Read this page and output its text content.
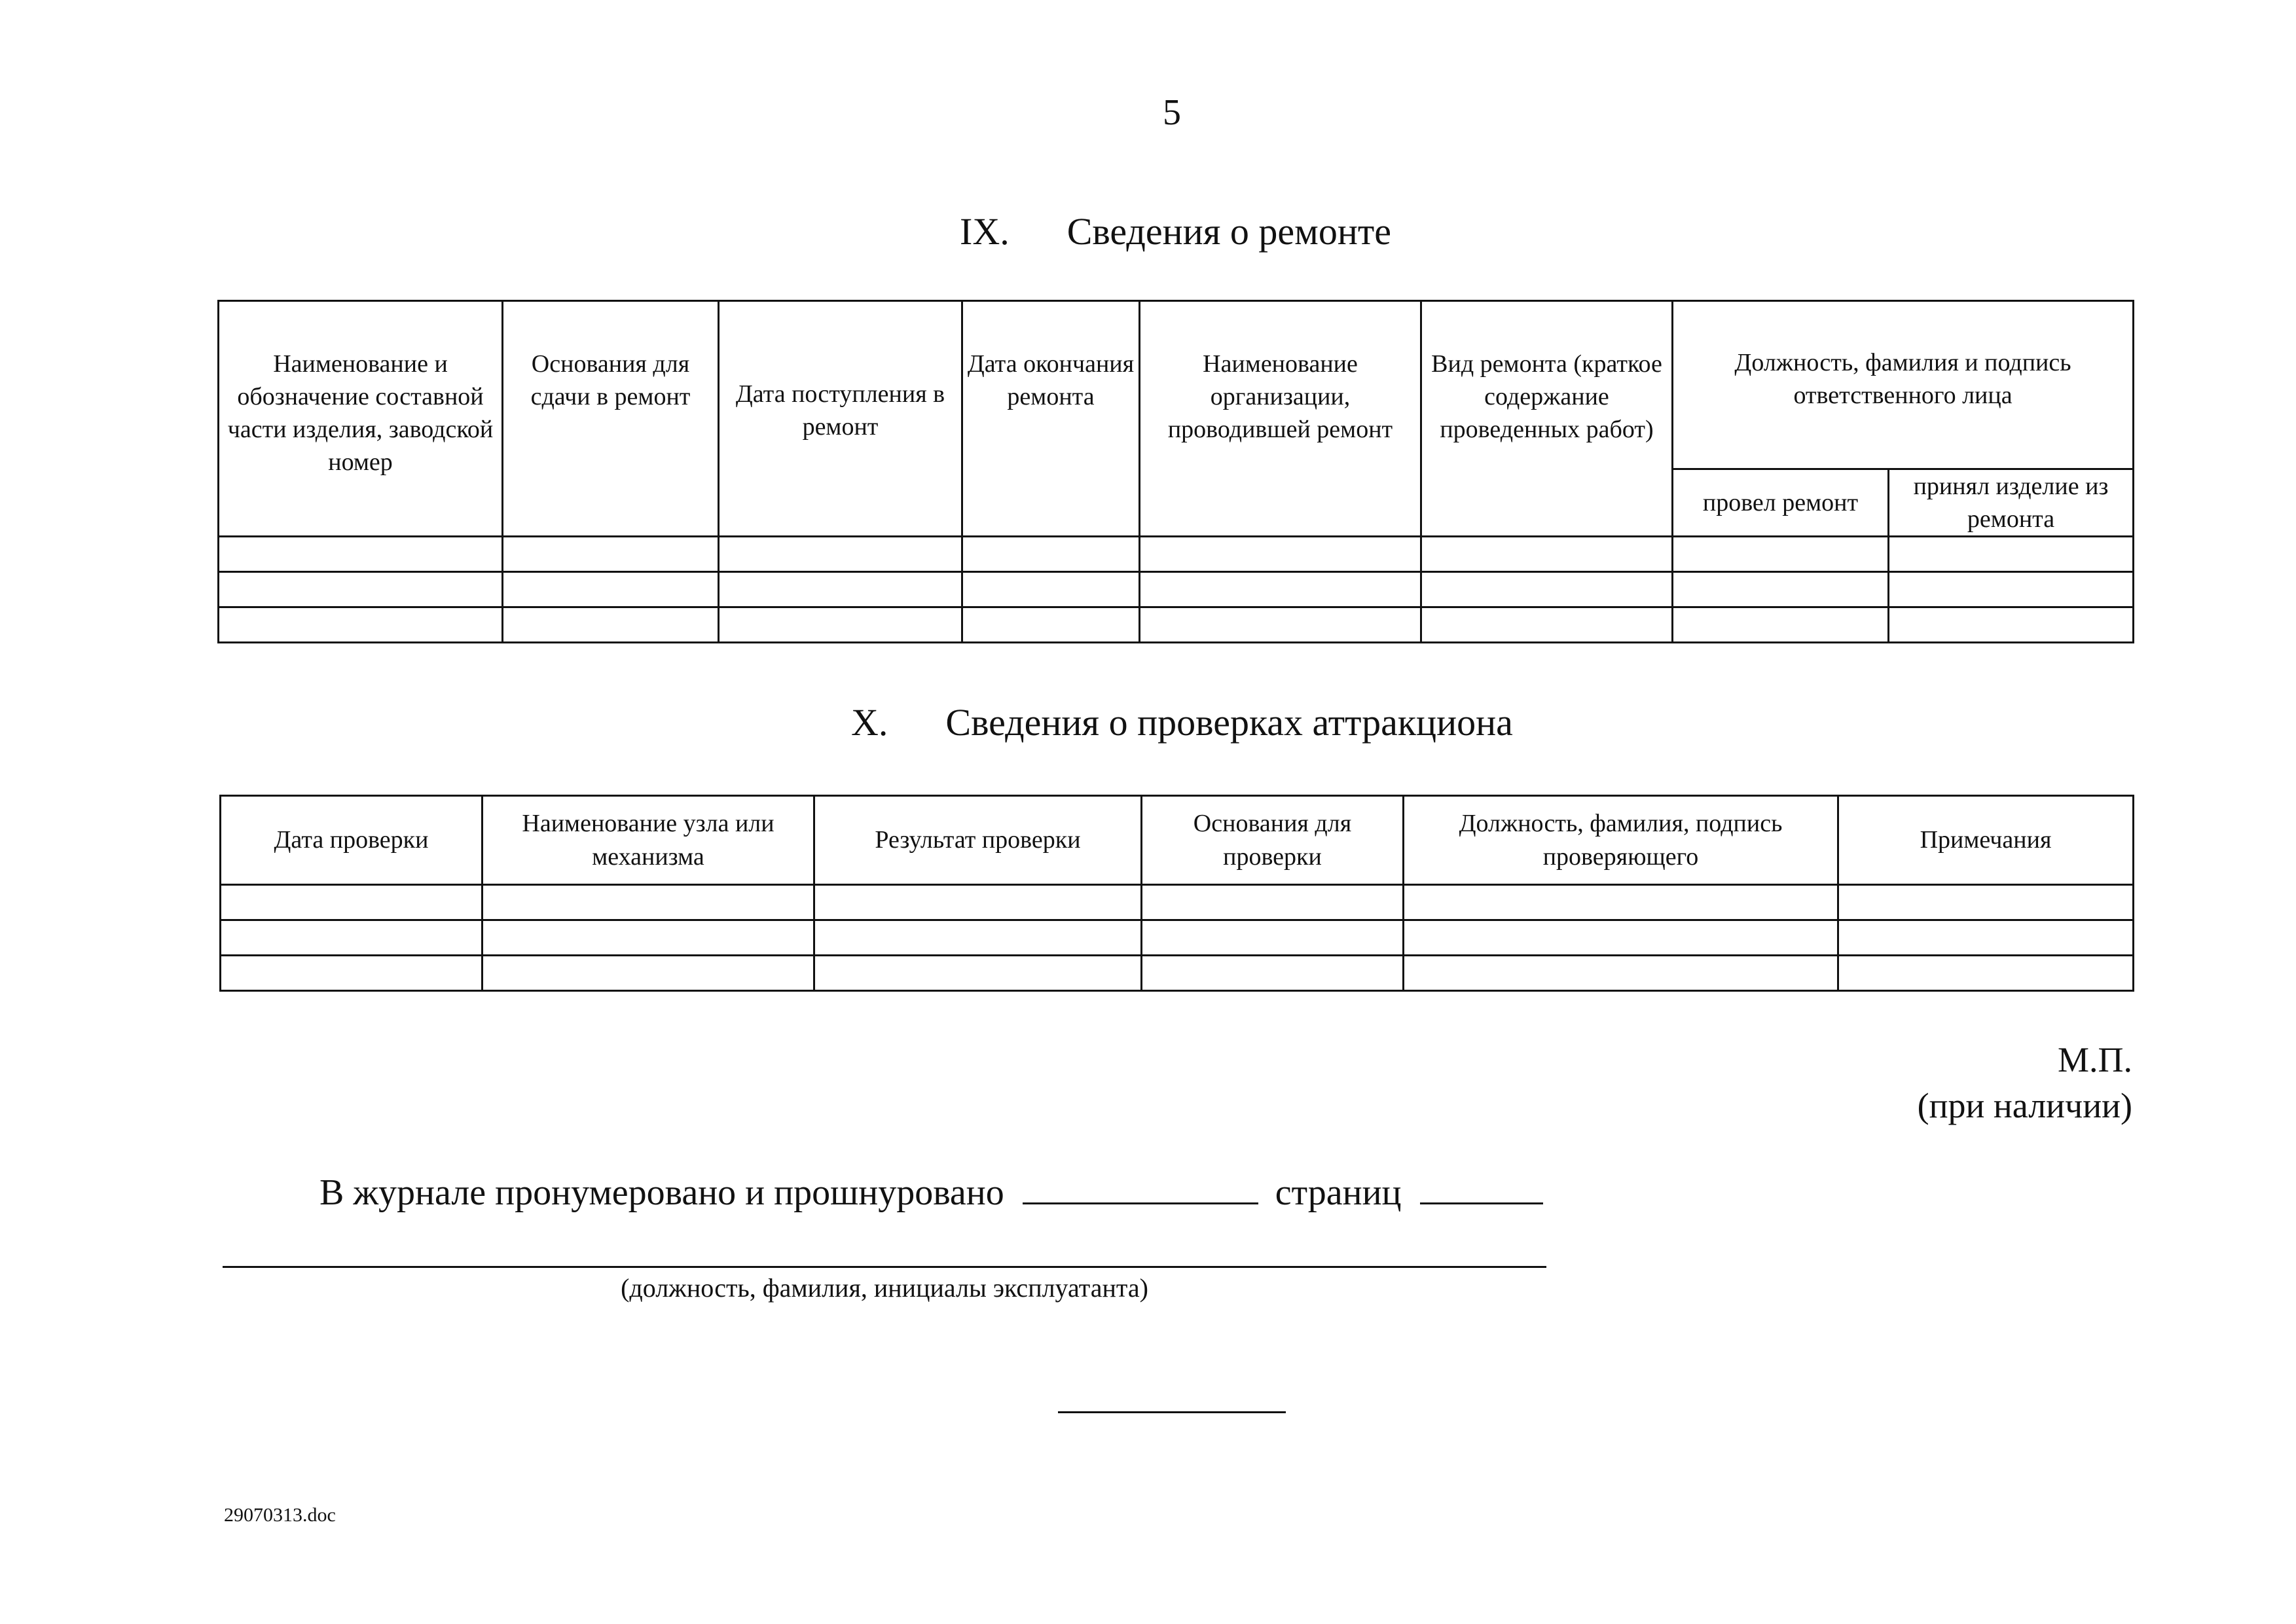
5
IX. Сведения о ремонте
Наименование и обозначение составной части изделия, заводской номер	Основания для сдачи в ремонт	Дата поступления в ремонт	Дата окончания ремонта	Наименование организации, проводившей ремонт	Вид ремонта (краткое содержание проведенных работ)	Должность, фамилия и подпись ответственного лица	
						провел ремонт	принял изделие из ремонта

X. Сведения о проверках аттракциона
Дата проверки	Наименование узла или механизма	Результат проверки	Основания для проверки	Должность, фамилия, подпись проверяющего	Примечания

М.П.
(при наличии)
В журнале пронумеровано и прошнуровано	страниц
(должность, фамилия, инициалы эксплуатанта)
29070313.doc
